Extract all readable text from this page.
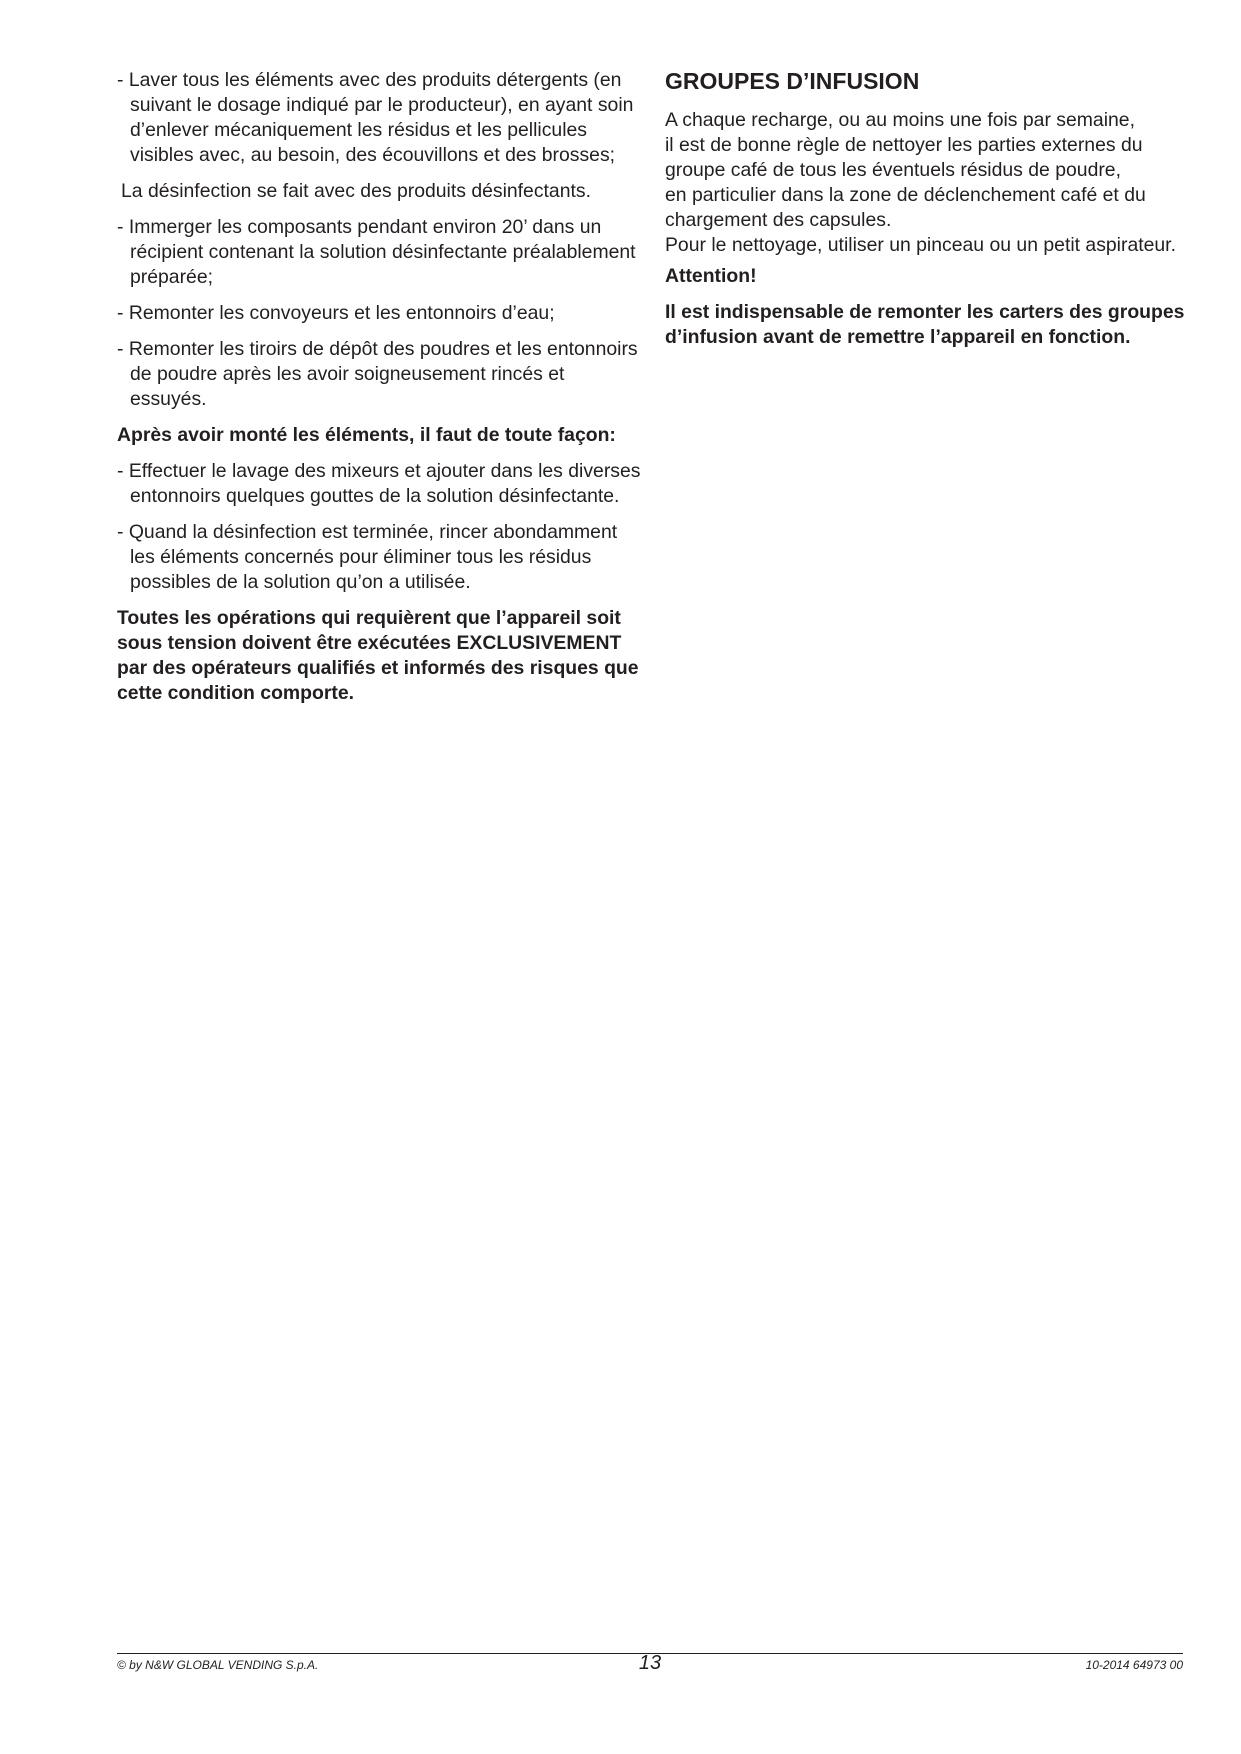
- Laver tous les éléments avec des produits détergents (en suivant le dosage indiqué par le producteur), en ayant soin d’enlever mécaniquement les résidus et les pellicules visibles avec, au besoin, des écouvillons et des brosses;

La désinfection se fait avec des produits désinfectants.

- Immerger les composants pendant environ 20’ dans un récipient contenant la solution désinfectante préalablement préparée;

- Remonter les convoyeurs et les entonnoirs d’eau;

- Remonter les tiroirs de dépôt des poudres et les entonnoirs de poudre après les avoir soigneusement rincés et essuyés.

Après avoir monté les éléments, il faut de toute façon:

- Effectuer le lavage des mixeurs et ajouter dans les diverses entonnoirs quelques gouttes de la solution désinfectante.

- Quand la désinfection est terminée, rincer abondamment les éléments concernés pour éliminer tous les résidus possibles de la solution qu’on a utilisée.

Toutes les opérations qui requièrent que l’appareil soit sous tension doivent être exécutées EXCLUSIVEMENT par des opérateurs qualifiés et informés des risques que cette condition comporte.

GROUPES D’INFUSION

A chaque recharge, ou au moins une fois par semaine,
il est de bonne règle de nettoyer les parties externes du
groupe café de tous les éventuels résidus de poudre,
en particulier dans la zone de déclenchement café et du
chargement des capsules.
Pour le nettoyage, utiliser un pinceau ou un petit aspirateur.

Attention!

Il est indispensable de remonter les carters des groupes d’infusion avant de remettre l’appareil en fonction.

© by N&W GLOBAL VENDING S.p.A.	13	10-2014 64973 00
